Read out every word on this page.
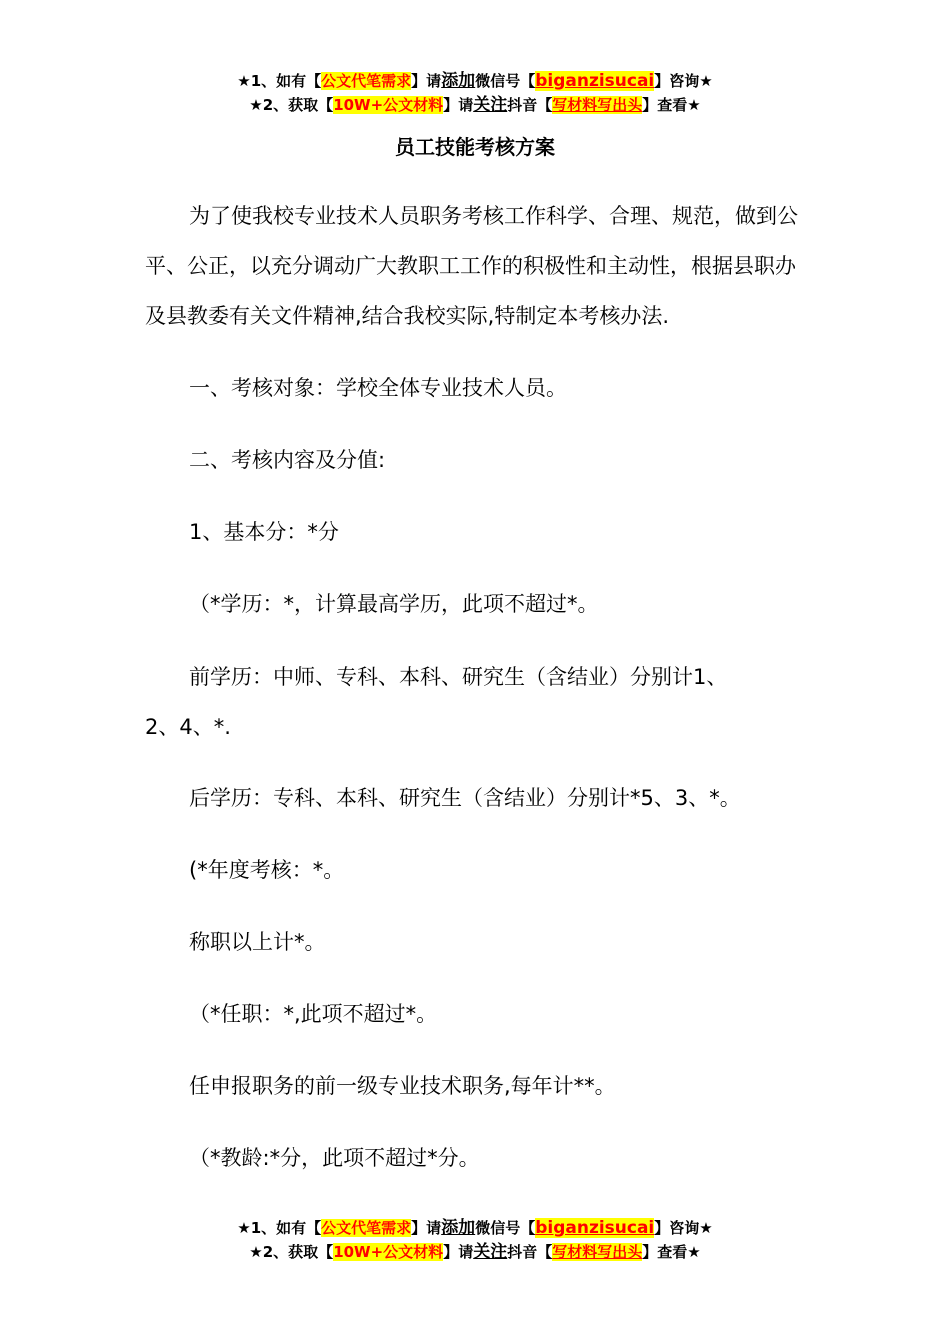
★1、如有【公文代笔需求】请添加微信号【biganzisucai】咨询★
★2、获取【10W+公文材料】请关注抖音【写材料写出头】查看★
员工技能考核方案

为了使我校专业技术人员职务考核工作科学、合理、规范，做到公平、公正，以充分调动广大教职工工作的积极性和主动性，根据县职办及县教委有关文件精神,结合我校实际,特制定本考核办法.

一、考核对象：学校全体专业技术人员。

二、考核内容及分值:

1、基本分：*分

（*学历：*，计算最高学历，此项不超过*。

前学历：中师、专科、本科、研究生（含结业）分别计1、2、4、*.

后学历：专科、本科、研究生（含结业）分别计*5、3、*。

(*年度考核：*。

称职以上计*。

（*任职：*,此项不超过*。

任申报职务的前一级专业技术职务,每年计**。

（*教龄:*分，此项不超过*分。

★1、如有【公文代笔需求】请添加微信号【biganzisucai】咨询★
★2、获取【10W+公文材料】请关注抖音【写材料写出头】查看★
